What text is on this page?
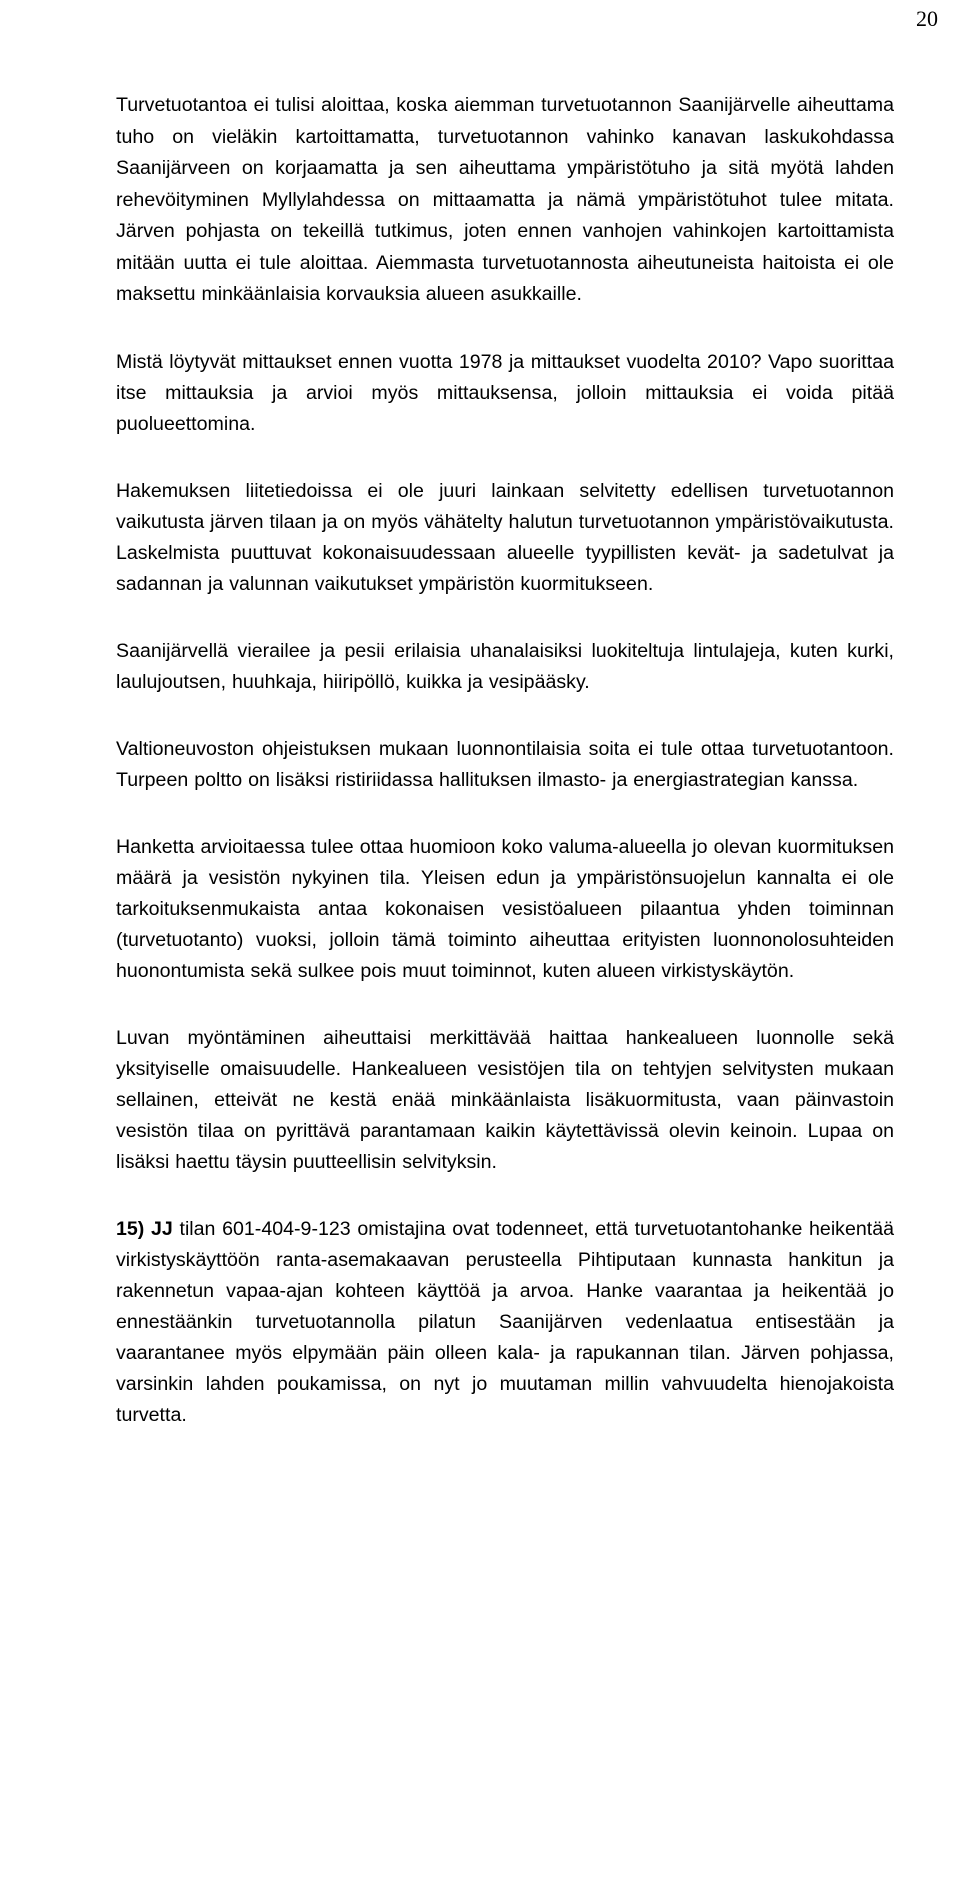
20

Turvetuotantoa ei tulisi aloittaa, koska aiemman turvetuotannon Saanijärvelle aiheuttama tuho on vieläkin kartoittamatta, turvetuotannon vahinko kanavan laskukohdassa Saanijärveen on korjaamatta ja sen aiheuttama ympäristötuho ja sitä myötä lahden rehevöityminen Myllylahdessa on mittaamatta ja nämä ympäristötuhot tulee mitata. Järven pohjasta on tekeillä tutkimus, joten ennen vanhojen vahinkojen kartoittamista mitään uutta ei tule aloittaa. Aiemmasta turvetuotannosta aiheutuneista haitoista ei ole maksettu minkäänlaisia korvauksia alueen asukkaille.

Mistä löytyvät mittaukset ennen vuotta 1978 ja mittaukset vuodelta 2010? Vapo suorittaa itse mittauksia ja arvioi myös mittauksensa, jolloin mittauksia ei voida pitää puolueettomina.

Hakemuksen liitetiedoissa ei ole juuri lainkaan selvitetty edellisen turvetuotannon vaikutusta järven tilaan ja on myös vähätelty halutun turvetuotannon ympäristövaikutusta. Laskelmista puuttuvat kokonaisuudessaan alueelle tyypillisten kevät- ja sadetulvat ja sadannan ja valunnan vaikutukset ympäristön kuormitukseen.

Saanijärvellä vierailee ja pesii erilaisia uhanalaisiksi luokiteltuja lintulajeja, kuten kurki, laulujoutsen, huuhkaja, hiiripöllö, kuikka ja vesipääsky.

Valtioneuvoston ohjeistuksen mukaan luonnontilaisia soita ei tule ottaa turvetuotantoon. Turpeen poltto on lisäksi ristiriidassa hallituksen ilmasto- ja energiastrategian kanssa.

Hanketta arvioitaessa tulee ottaa huomioon koko valuma-alueella jo olevan kuormituksen määrä ja vesistön nykyinen tila. Yleisen edun ja ympäristönsuojelun kannalta ei ole tarkoituksenmukaista antaa kokonaisen vesistöalueen pilaantua yhden toiminnan (turvetuotanto) vuoksi, jolloin tämä toiminto aiheuttaa erityisten luonnonolosuhteiden huonontumista sekä sulkee pois muut toiminnot, kuten alueen virkistyskäytön.

Luvan myöntäminen aiheuttaisi merkittävää haittaa hankealueen luonnolle sekä yksityiselle omaisuudelle. Hankealueen vesistöjen tila on tehtyjen selvitysten mukaan sellainen, etteivät ne kestä enää minkäänlaista lisäkuormitusta, vaan päinvastoin vesistön tilaa on pyrittävä parantamaan kaikin käytettävissä olevin keinoin. Lupaa on lisäksi haettu täysin puutteellisin selvityksin.

15) JJ tilan 601-404-9-123 omistajina ovat todenneet, että turvetuotantohanke heikentää virkistyskäyttöön ranta-asemakaavan perusteella Pihtiputaan kunnasta hankitun ja rakennetun vapaa-ajan kohteen käyttöä ja arvoa. Hanke vaarantaa ja heikentää jo ennestäänkin turvetuotannolla pilatun Saanijärven vedenlaatua entisestään ja vaarantanee myös elpymään päin olleen kala- ja rapukannan tilan. Järven pohjassa, varsinkin lahden poukamissa, on nyt jo muutaman millin vahvuudelta hienojakoista turvetta.
